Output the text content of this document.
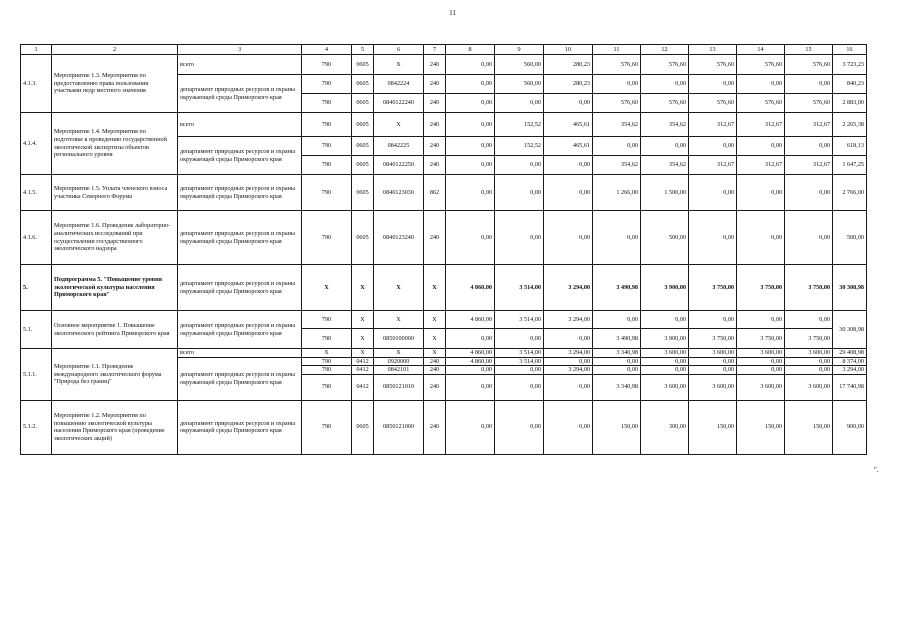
11
1	2	3	4	5	6	7	8	9	10	11	12	13	14	15	16
4.1.3.	Мероприятие 1.3. Мероприятия по предоставлению права пользования участками недр местного значения	всего	790	0605	X	240	0,00	560,00	280,23	576,60	576,60	576,60	576,60	576,60	3 723,23
		департамент природных ресурсов и охраны окружающей среды Приморского края	790	0605	0842224	240	0,00	560,00	280,23	0,00	0,00	0,00	0,00	0,00	840,23
			790	0605	0840122240	240	0,00	0,00	0,00	576,60	576,60	576,60	576,60	576,60	2 883,00
4.1.4.	Мероприятие 1.4. Мероприятия по подготовке к проведению государственной экологической экспертизы объектов регионального уровня	всего	790	0605	X	240	0,00	152,52	465,61	354,62	354,62	312,67	312,67	312,67	2 265,38
		департамент природных ресурсов и охраны окружающей среды Приморского края	790	0605	0842225	240	0,00	152,52	465,61	0,00	0,00	0,00	0,00	0,00	618,13
			790	0605	0840122250	240	0,00	0,00	0,00	354,62	354,62	312,67	312,67	312,67	1 647,25
4.1.5.	Мероприятие 1.5. Уплата членского взноса участника Северного Форума	департамент природных ресурсов и охраны окружающей среды Приморского края	790	0605	0840123030	862	0,00	0,00	0,00	1 266,00	1 500,00	0,00	0,00	0,00	2 766,00
4.1.6.	Мероприятие 1.6. Проведение лабораторно-аналитических исследований при осуществлении государственного экологического надзора	департамент природных ресурсов и охраны окружающей среды Приморского края	790	0605	0840123240	240	0,00	0,00	0,00	0,00	500,00	0,00	0,00	0,00	500,00
5.	Подпрограмма 5. "Повышение уровня экологической культуры населения Приморского края"	департамент природных ресурсов и охраны окружающей среды Приморского края	X	X	X	X	4 860,00	3 514,00	3 294,00	3 490,98	3 900,00	3 750,00	3 750,00	3 750,00	30 308,98
5.1.	Основное мероприятие 1. Повышение экологического рейтинга Приморского края	департамент природных ресурсов и охраны окружающей среды Приморского края	790	X	X	X	4 860,00	3 514,00	3 294,00	0,00	0,00	0,00	0,00	0,00	30 308,98
			790	X	0850100000	X	0,00	0,00	0,00	3 490,98	3 900,00	3 750,00	3 750,00	3 750,00	
5.1.1.	Мероприятие 1.1. Проведение международного экологического форума "Природа без границ"	всего	X	X	X	X	4 860,00	3 514,00	3 294,00	3 340,98	3 600,00	3 600,00	3 600,00	3 600,00	29 408,98
		департамент природных ресурсов и охраны окружающей среды Приморского края	790	0412	0920000	240	4 860,00	3 514,00	0,00	0,00	0,00	0,00	0,00	0,00	8 374,00
			790	0412	0842101	240	0,00	0,00	3 294,00	0,00	0,00	0,00	0,00	0,00	3 294,00
			790	0412	0850121010	240	0,00	0,00	0,00	3 340,98	3 600,00	3 600,00	3 600,00	3 600,00	17 740,98
5.1.2.	Мероприятие 1.2. Мероприятия по повышению экологической культуры населения Приморского края (проведение экологических акций)	департамент природных ресурсов и охраны окружающей среды Приморского края	790	0605	0850121000	240	0,00	0,00	0,00	150,00	300,00	150,00	150,00	150,00	900,00
".
